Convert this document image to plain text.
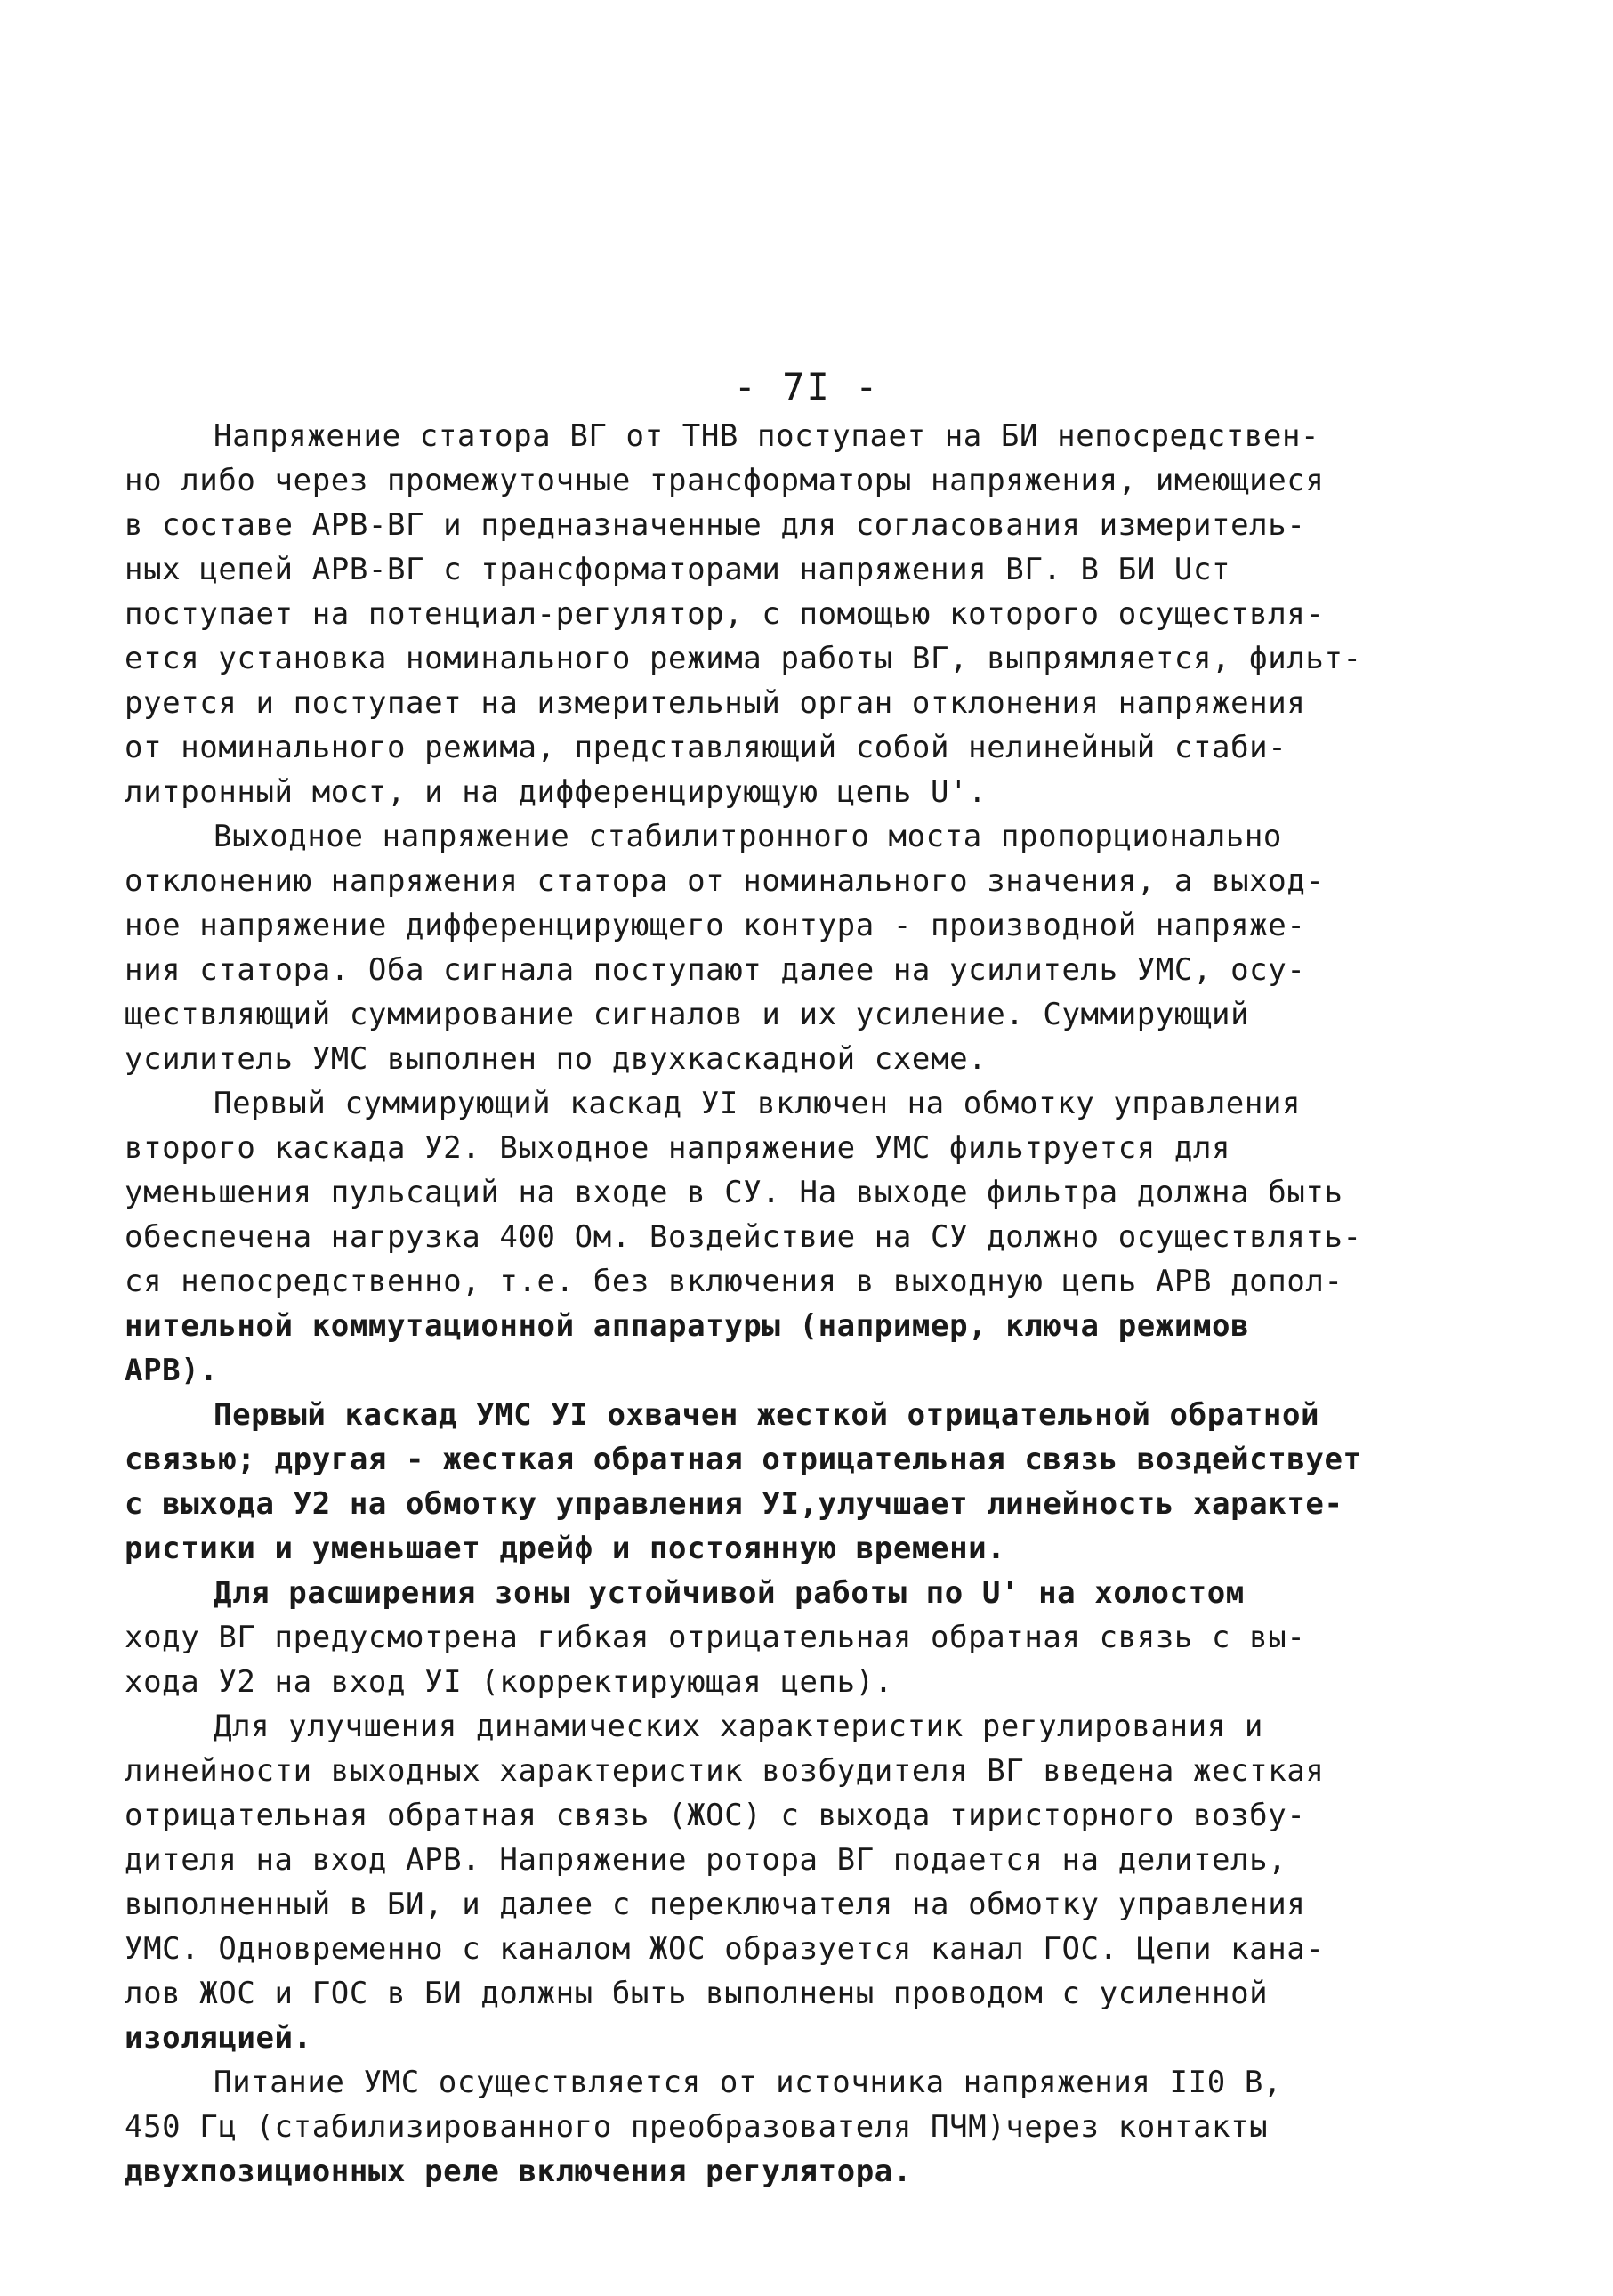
- 7I -
Напряжение статора ВГ от ТНВ поступает на БИ непосредствен-
но либо через промежуточные трансформаторы напряжения, имеющиеся
в составе АРВ-ВГ и предназначенные для согласования измеритель-
ных цепей АРВ-ВГ с трансформаторами напряжения ВГ. В БИ Uст
поступает на потенциал-регулятор, с помощью которого осуществля-
ется установка номинального режима работы ВГ, выпрямляется, фильт-
руется и поступает на измерительный орган отклонения напряжения
от номинального режима, представляющий собой нелинейный стаби-
литронный мост, и на дифференцирующую цепь U'.
Выходное напряжение стабилитронного моста пропорционально
отклонению напряжения статора от номинального значения, а выход-
ное напряжение дифференцирующего контура - производной напряже-
ния статора. Оба сигнала поступают далее на усилитель УМС, осу-
ществляющий суммирование сигналов и их усиление. Суммирующий
усилитель УМС выполнен по двухкаскадной схеме.
Первый суммирующий каскад УI включен на обмотку управления
второго каскада У2. Выходное напряжение УМС фильтруется для
уменьшения пульсаций на входе в СУ. На выходе фильтра должна быть
обеспечена нагрузка 400 Ом. Воздействие на СУ должно осуществлять-
ся непосредственно, т.е. без включения в выходную цепь АРВ допол-
нительной коммутационной аппаратуры (например, ключа режимов
АРВ).
Первый каскад УМС УI охвачен жесткой отрицательной обратной
связью; другая - жесткая обратная отрицательная связь воздействует
с выхода У2 на обмотку управления УI,улучшает линейность характе-
ристики и уменьшает дрейф и постоянную времени.
Для расширения зоны устойчивой работы по U' на холостом
ходу ВГ предусмотрена гибкая отрицательная обратная связь с вы-
хода У2 на вход УI (корректирующая цепь).
Для улучшения динамических характеристик регулирования и
линейности выходных характеристик возбудителя ВГ введена жесткая
отрицательная обратная связь (ЖОС) с выхода тиристорного возбу-
дителя на вход АРВ. Напряжение ротора ВГ подается на делитель,
выполненный в БИ, и далее с переключателя на обмотку управления
УМС. Одновременно с каналом ЖОС образуется канал ГОС. Цепи кана-
лов ЖОС и ГОС в БИ должны быть выполнены проводом с усиленной
изоляцией.
Питание УМС осуществляется от источника напряжения II0 В,
450 Гц (стабилизированного преобразователя ПЧМ)через контакты
двухпозиционных реле включения регулятора.
